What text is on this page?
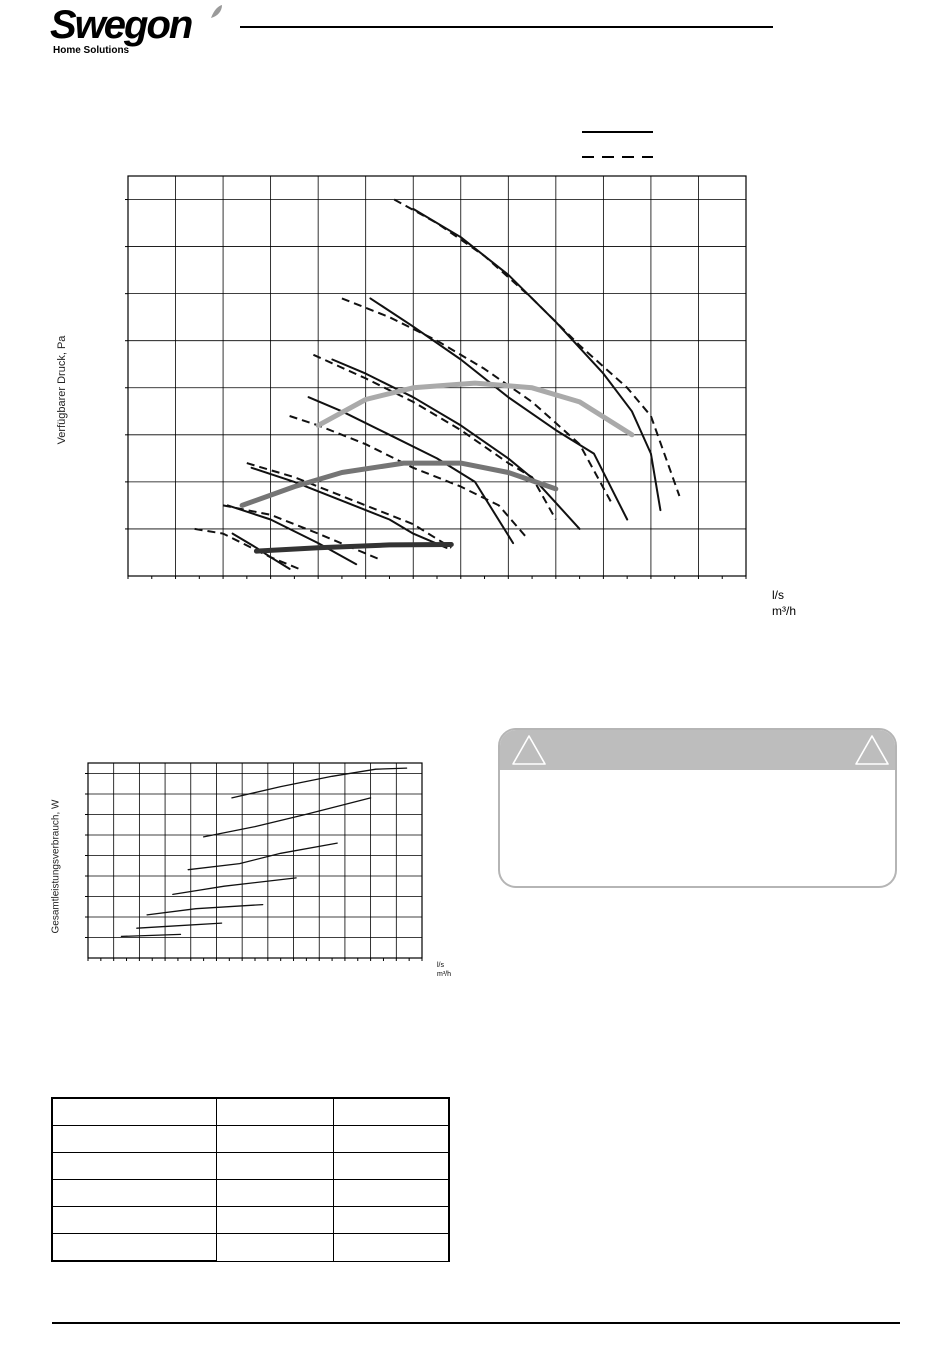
Swegon
Home Solutions
Verfügbarer Druck, Pa
l/s
m³/h
Gesamtleistungsverbrauch, W
l/s
m³/h
